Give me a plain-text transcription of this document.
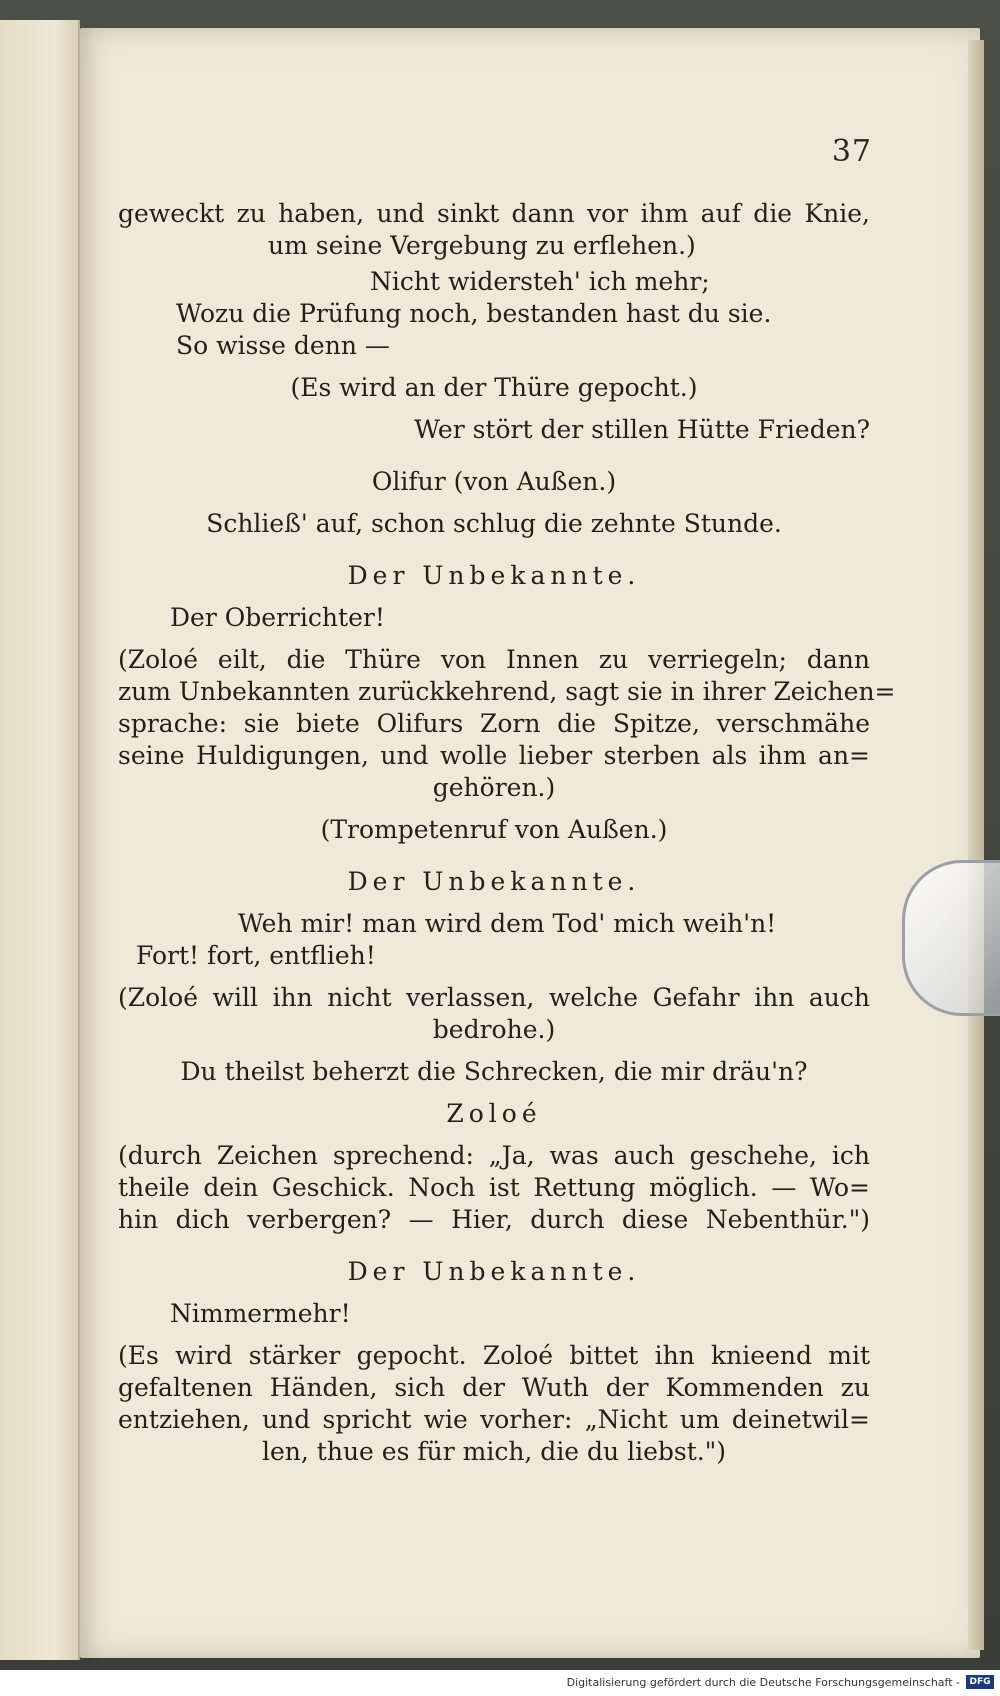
37
geweckt zu haben, und sinkt dann vor ihm auf die Knie,
um seine Vergebung zu erflehen.)
Nicht widersteh' ich mehr;
Wozu die Prüfung noch, bestanden hast du sie.
So wisse denn —
(Es wird an der Thüre gepocht.)
Wer stört der stillen Hütte Frieden?
Olifur (von Außen.)
Schließ' auf, schon schlug die zehnte Stunde.
Der Unbekannte.
Der Oberrichter!
(Zoloé eilt, die Thüre von Innen zu verriegeln; dann
zum Unbekannten zurückkehrend, sagt sie in ihrer Zeichen=
sprache: sie biete Olifurs Zorn die Spitze, verschmähe
seine Huldigungen, und wolle lieber sterben als ihm an=
gehören.)
(Trompetenruf von Außen.)
Der Unbekannte.
Weh mir! man wird dem Tod' mich weih'n!
Fort! fort, entflieh!
(Zoloé will ihn nicht verlassen, welche Gefahr ihn auch
bedrohe.)
Du theilst beherzt die Schrecken, die mir dräu'n?
Zoloé
(durch Zeichen sprechend: „Ja, was auch geschehe, ich
theile dein Geschick. Noch ist Rettung möglich. — Wo=
hin dich verbergen? — Hier, durch diese Nebenthür.")
Der Unbekannte.
Nimmermehr!
(Es wird stärker gepocht. Zoloé bittet ihn knieend mit
gefaltenen Händen, sich der Wuth der Kommenden zu
entziehen, und spricht wie vorher: „Nicht um deinetwil=
len, thue es für mich, die du liebst.")
Digitalisierung gefördert durch die Deutsche Forschungsgemeinschaft -	DFG
